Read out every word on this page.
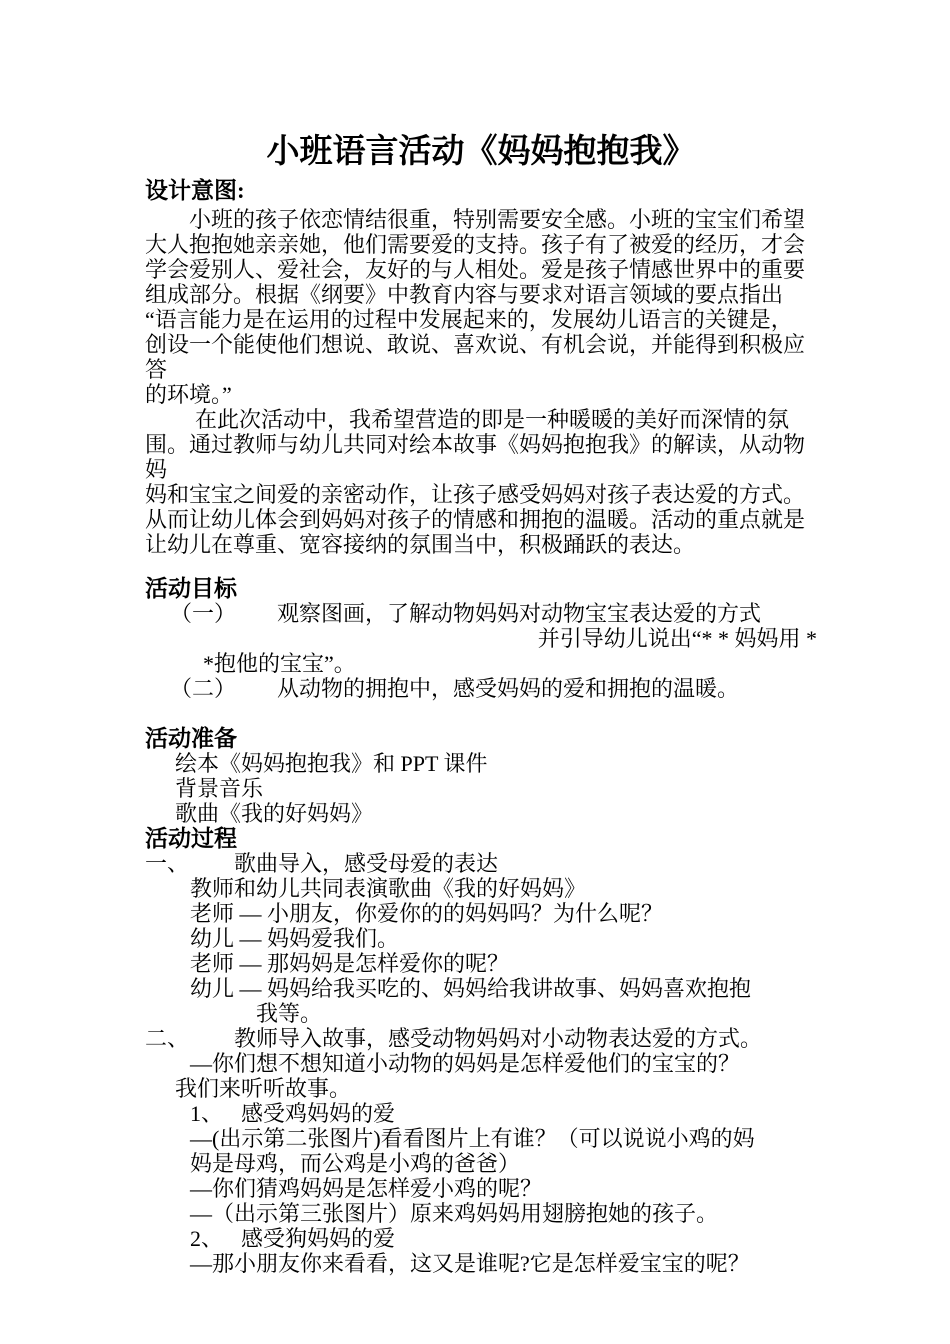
小班语言活动《妈妈抱抱我》
设计意图:
小班的孩子依恋情结很重，特别需要安全感。小班的宝宝们希望
大人抱抱她亲亲她，他们需要爱的支持。孩子有了被爱的经历，才会
学会爱别人、爱社会，友好的与人相处。爱是孩子情感世界中的重要
组成部分。根据《纲要》中教育内容与要求对语言领域的要点指出
“语言能力是在运用的过程中发展起来的，发展幼儿语言的关键是，
创设一个能使他们想说、敢说、喜欢说、有机会说，并能得到积极应答
的环境。”
在此次活动中，我希望营造的即是一种暖暖的美好而深情的氛
围。通过教师与幼儿共同对绘本故事《妈妈抱抱我》的解读，从动物妈
妈和宝宝之间爱的亲密动作，让孩子感受妈妈对孩子表达爱的方式。
从而让幼儿体会到妈妈对孩子的情感和拥抱的温暖。活动的重点就是
让幼儿在尊重、宽容接纳的氛围当中，积极踊跃的表达。
活动目标
（一） 观察图画，了解动物妈妈对动物宝宝表达爱的方式
并引导幼儿说出“* * 妈妈用 *
*抱他的宝宝”。
（二） 从动物的拥抱中，感受妈妈的爱和拥抱的温暖。
活动准备
绘本《妈妈抱抱我》和 PPT 课件
背景音乐
歌曲《我的好妈妈》
活动过程
一、 歌曲导入，感受母爱的表达
教师和幼儿共同表演歌曲《我的好妈妈》
老师 — 小朋友，你爱你的的妈妈吗？为什么呢？
幼儿 — 妈妈爱我们。
老师 — 那妈妈是怎样爱你的呢？
幼儿 — 妈妈给我买吃的、妈妈给我讲故事、妈妈喜欢抱抱
我等。
二、 教师导入故事，感受动物妈妈对小动物表达爱的方式。
—你们想不想知道小动物的妈妈是怎样爱他们的宝宝的？
我们来听听故事。
1、 感受鸡妈妈的爱
—(出示第二张图片)看看图片上有谁？（可以说说小鸡的妈
妈是母鸡，而公鸡是小鸡的爸爸）
—你们猜鸡妈妈是怎样爱小鸡的呢？
—（出示第三张图片）原来鸡妈妈用翅膀抱她的孩子。
2、 感受狗妈妈的爱
—那小朋友你来看看，这又是谁呢?它是怎样爱宝宝的呢？
